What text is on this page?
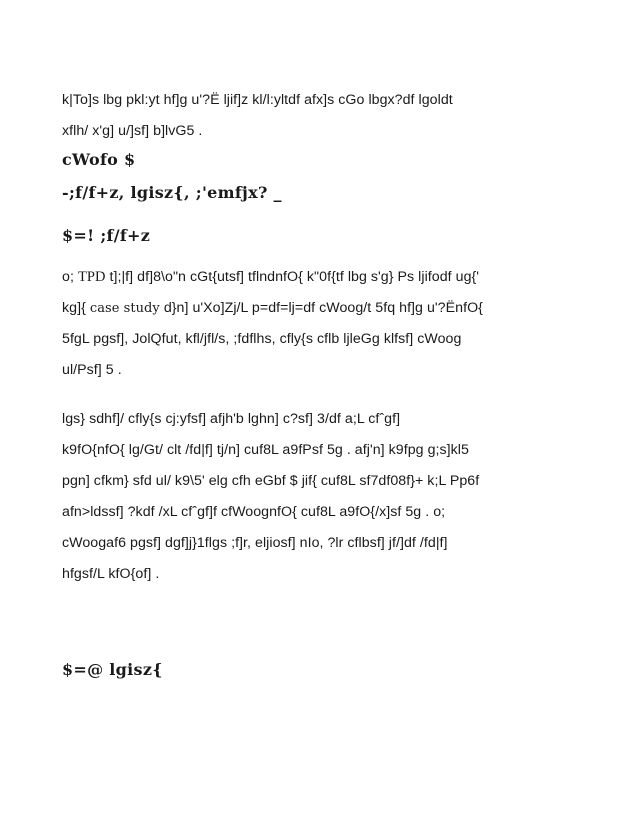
k|To]s lbg pkl:yt hf]g u'?Ë ljif]z kl/l:yltdf afx]s cGo lbgx?df lgoldt
xflh/ x'g] u/]sf] b]lvG5 .
cWofo $
-;f/f+z, lgisz{, ;'emfjx? _
$=! ;f/f+z
o; TPD t];|f] df]8\o"n cGt{utsf] tflndnfO{ k"0f{tf lbg s'g} Ps ljifodf ug{'
kg]{ case study d}n] u'Xo]Zj/L p=df=lj=df cWoog/t 5fq hf]g u'?ËnfO{
5fgL pgsf], JolQfut, kfl/jfl/s, ;fdflhs, cfly{s cflb ljleGg klfsf] cWoog
ul/Psf] 5 .
lgs} sdhf]/ cfly{s cj:yfsf] afjh'b lghn] c?sf] 3/df a;L cfˆgf]
k9fO{nfO{ lg/Gt/ clt /fd|f] tj/n] cuf8L a9fPsf 5g . afj'n] k9fpg g;s]kl5
pgn] cfkm} sfd ul/ k9\5' elg cfh eGbf $ jif{ cuf8L sf7df08f}+ k;L Pp6f
afn>ldssf] ?kdf /xL cfˆgf]f cfWoognfO{ cuf8L a9fO{/x]sf 5g . o;
cWoogaf6 pgsf] dgf]j}1flgs ;f]r, eljiosf] nIo, ?lr cflbsf] jf/]df /fd|f]
hfgsf/L kfO{of] .
$=@ lgisz{
